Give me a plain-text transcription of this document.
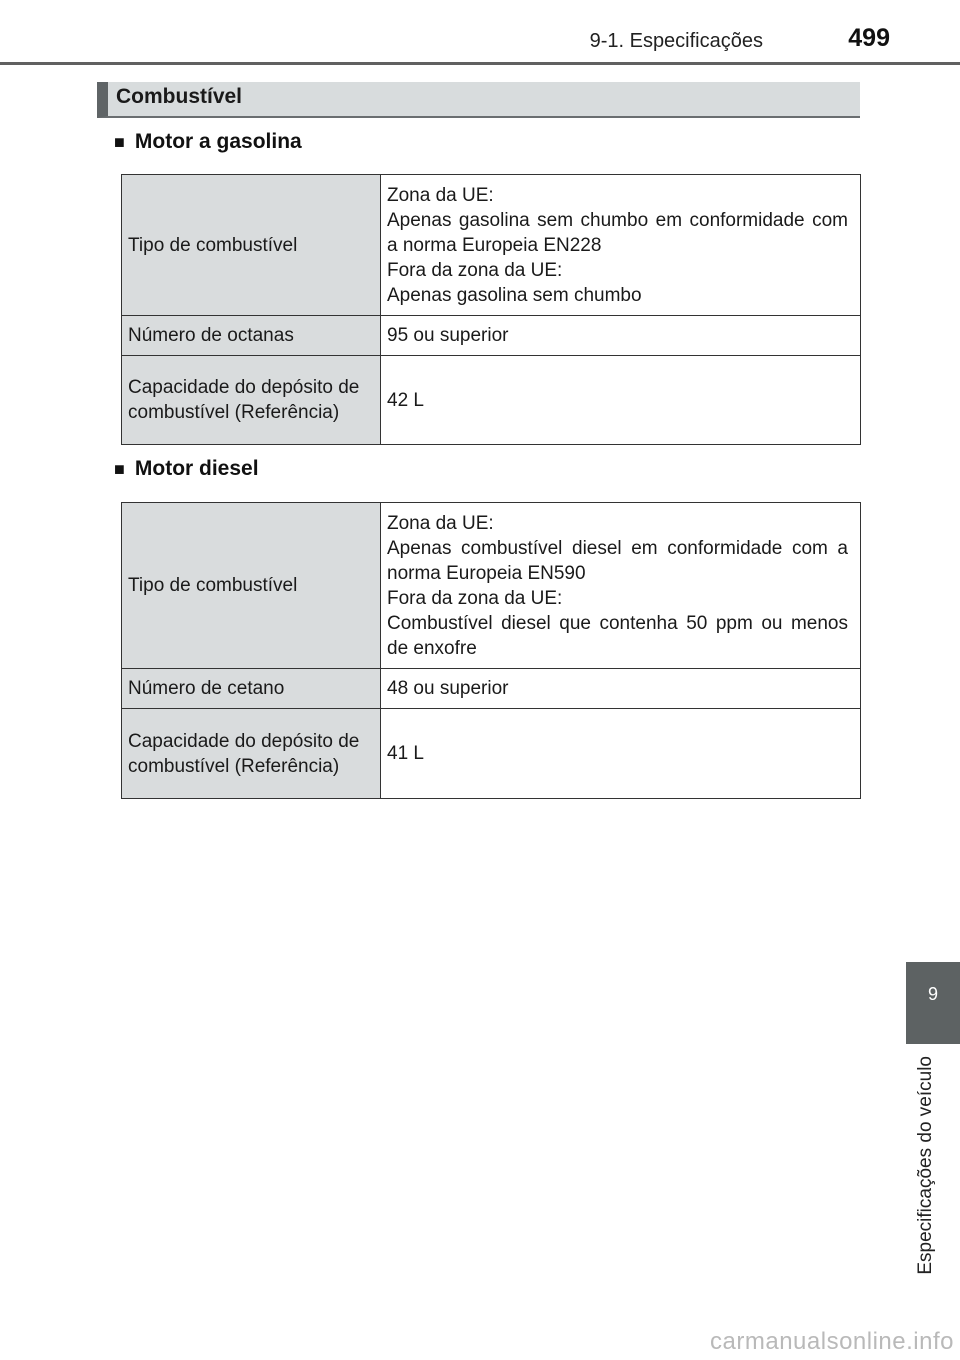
9-1. Especificações	499
Combustível
■ Motor a gasolina
Tipo de combustível	Zona da UE:
Apenas gasolina sem chumbo em conformidade com a norma Europeia EN228
Fora da zona da UE:
Apenas gasolina sem chumbo

Número de octanas	95 ou superior
Capacidade do depósito de combustível (Referência)	42 L
■ Motor diesel
Tipo de combustível	Zona da UE:
Apenas combustível diesel em conformidade com a norma Europeia EN590
Fora da zona da UE:
Combustível diesel que contenha 50 ppm ou menos de enxofre

Número de cetano	48 ou superior
Capacidade do depósito de combustível (Referência)	41 L
9
Especificações do veículo
carmanualsonline.info
